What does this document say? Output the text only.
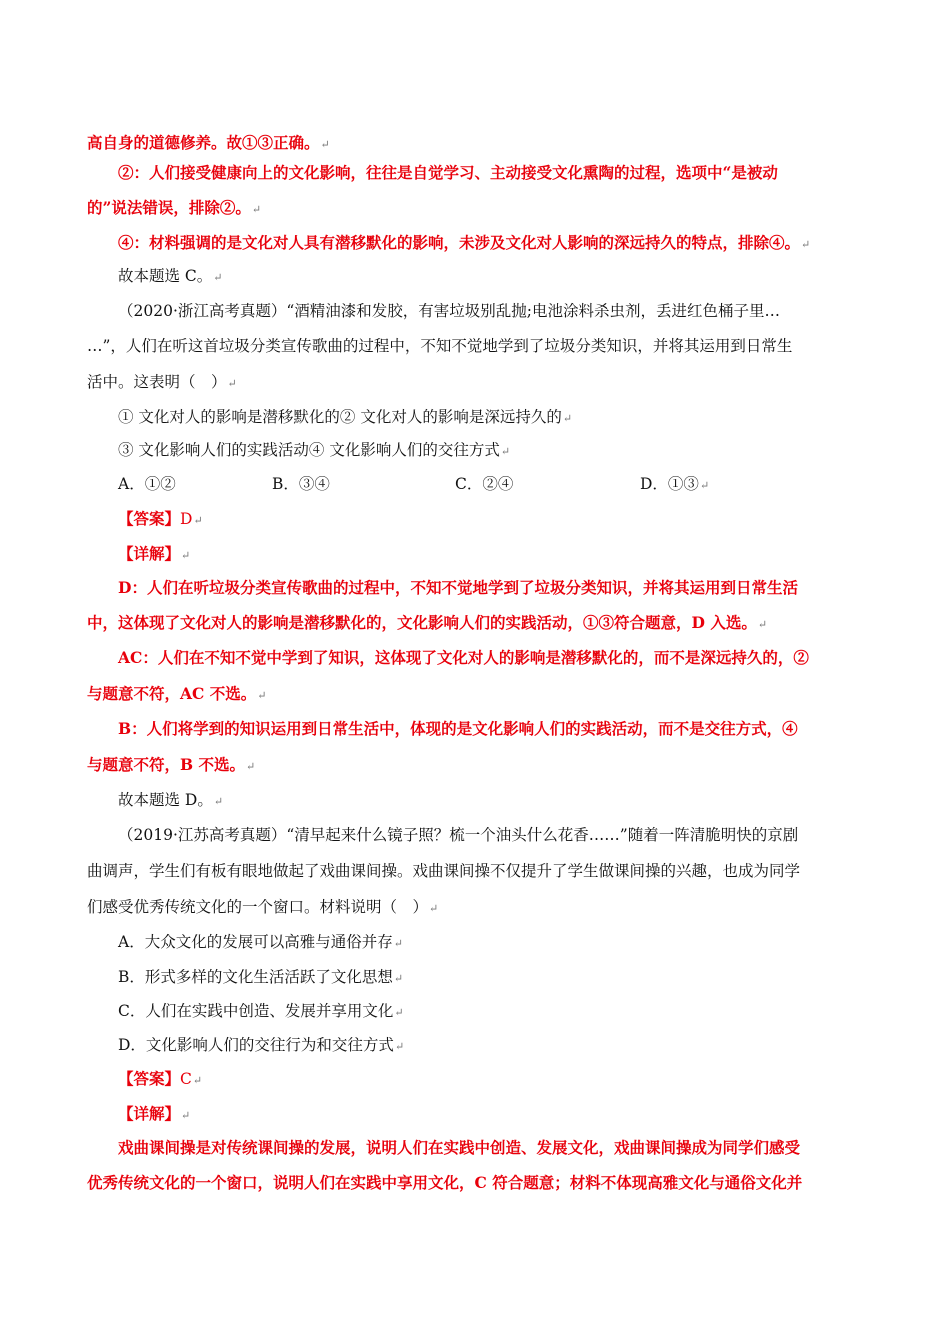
高自身的道德修养。故①③正确。↵
②：人们接受健康向上的文化影响，往往是自觉学习、主动接受文化熏陶的过程，选项中“是被动
的”说法错误，排除②。↵
④：材料强调的是文化对人具有潜移默化的影响，未涉及文化对人影响的深远持久的特点，排除④。↵
故本题选 C。↵
（2020·浙江高考真题）“酒精油漆和发胶，有害垃圾别乱抛;电池涂料杀虫剂，丢进红色桶子里…
…”，人们在听这首垃圾分类宣传歌曲的过程中，不知不觉地学到了垃圾分类知识，并将其运用到日常生
活中。这表明（　）↵
① 文化对人的影响是潜移默化的② 文化对人的影响是深远持久的↵
③ 文化影响人们的实践活动④ 文化影响人们的交往方式↵
A．①②	B．③④	C．②④	D．①③↵
【答案】D↵
【详解】↵
D：人们在听垃圾分类宣传歌曲的过程中，不知不觉地学到了垃圾分类知识，并将其运用到日常生活
中，这体现了文化对人的影响是潜移默化的，文化影响人们的实践活动，①③符合题意，D 入选。↵
AC：人们在不知不觉中学到了知识，这体现了文化对人的影响是潜移默化的，而不是深远持久的，②
与题意不符，AC 不选。↵
B：人们将学到的知识运用到日常生活中，体现的是文化影响人们的实践活动，而不是交往方式，④
与题意不符，B 不选。↵
故本题选 D。↵
（2019·江苏高考真题）“清早起来什么镜子照？梳一个油头什么花香……”随着一阵清脆明快的京剧
曲调声，学生们有板有眼地做起了戏曲课间操。戏曲课间操不仅提升了学生做课间操的兴趣，也成为同学
们感受优秀传统文化的一个窗口。材料说明（　）↵
A．大众文化的发展可以高雅与通俗并存↵
B．形式多样的文化生活活跃了文化思想↵
C．人们在实践中创造、发展并享用文化↵
D．文化影响人们的交往行为和交往方式↵
【答案】C↵
【详解】↵
戏曲课间操是对传统课间操的发展，说明人们在实践中创造、发展文化，戏曲课间操成为同学们感受
优秀传统文化的一个窗口，说明人们在实践中享用文化，C 符合题意；材料不体现高雅文化与通俗文化并
